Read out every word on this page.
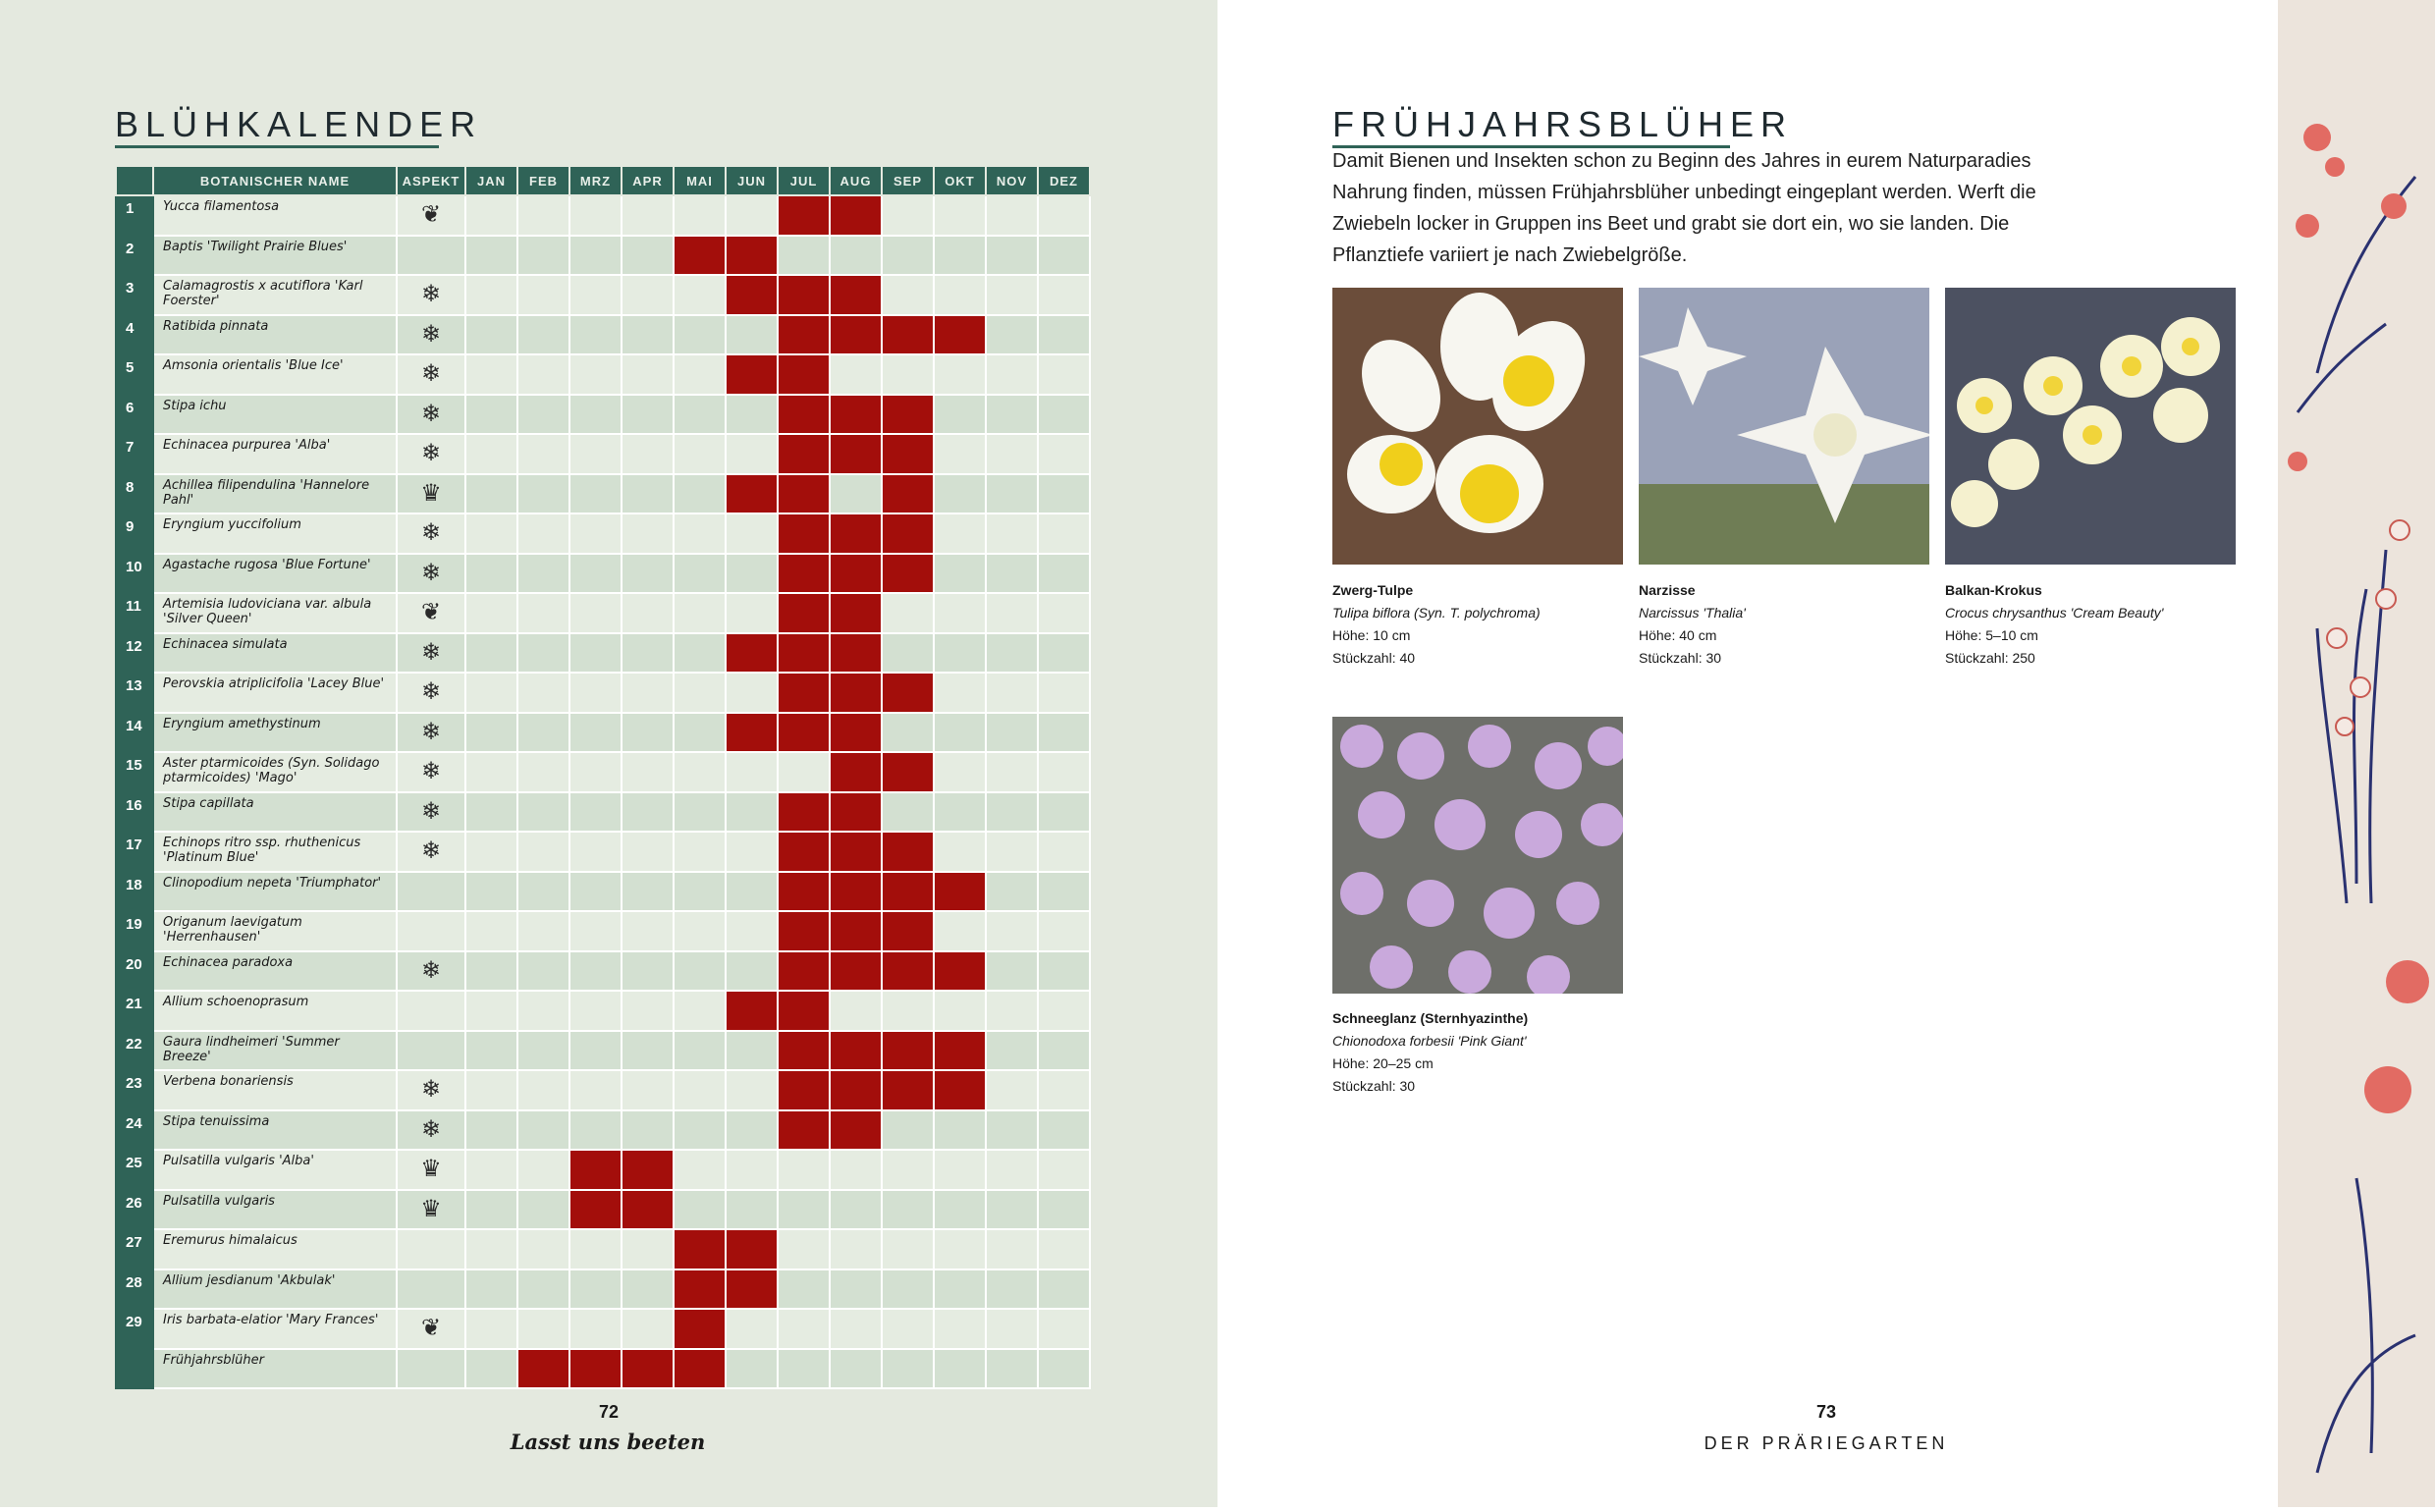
BLÜHKALENDER
	BOTANISCHER NAME	ASPEKT	JAN	FEB	MRZ	APR	MAI	JUN	JUL	AUG	SEP	OKT	NOV	DEZ
1	Yucca filamentosa	❦												
2	Baptis 'Twilight Prairie Blues'													
3	Calamagrostis x acutiflora 'Karl Foerster'	❄												
4	Ratibida pinnata	❄												
5	Amsonia orientalis 'Blue Ice'	❄												
6	Stipa ichu	❄												
7	Echinacea purpurea 'Alba'	❄												
8	Achillea filipendulina 'Hannelore Pahl'	♛												
9	Eryngium yuccifolium	❄												
10	Agastache rugosa 'Blue Fortune'	❄												
11	Artemisia ludoviciana var. albula 'Silver Queen'	❦												
12	Echinacea simulata	❄												
13	Perovskia atriplicifolia 'Lacey Blue'	❄												
14	Eryngium amethystinum	❄												
15	Aster ptarmicoides (Syn. Solidago ptarmicoides) 'Mago'	❄												
16	Stipa capillata	❄												
17	Echinops ritro ssp. rhuthenicus 'Platinum Blue'	❄												
18	Clinopodium nepeta 'Triumphator'													
19	Origanum laevigatum 'Herrenhausen'													
20	Echinacea paradoxa	❄												
21	Allium schoenoprasum													
22	Gaura lindheimeri 'Summer Breeze'													
23	Verbena bonariensis	❄												
24	Stipa tenuissima	❄												
25	Pulsatilla vulgaris 'Alba'	♛												
26	Pulsatilla vulgaris	♛												
27	Eremurus himalaicus													
28	Allium jesdianum 'Akbulak'													
29	Iris barbata-elatior 'Mary Frances'	❦												
	Frühjahrsblüher													
72
Lasst uns beeten
FRÜHJAHRSBLÜHER
Damit Bienen und Insekten schon zu Beginn des Jahres in eurem Naturparadies Nahrung finden, müssen Frühjahrsblüher unbedingt eingeplant werden. Werft die Zwiebeln locker in Gruppen ins Beet und grabt sie dort ein, wo sie landen. Die Pflanztiefe variiert je nach Zwiebelgröße.
Zwerg-Tulpe
Tulipa biflora (Syn. T. polychroma)
Höhe: 10 cm
Stückzahl: 40
Narzisse
Narcissus 'Thalia'
Höhe: 40 cm
Stückzahl: 30
Balkan-Krokus
Crocus chrysanthus 'Cream Beauty'
Höhe: 5–10 cm
Stückzahl: 250
Schneeglanz (Sternhyazinthe)
Chionodoxa forbesii 'Pink Giant'
Höhe: 20–25 cm
Stückzahl: 30
73
DER PRÄRIEGARTEN
